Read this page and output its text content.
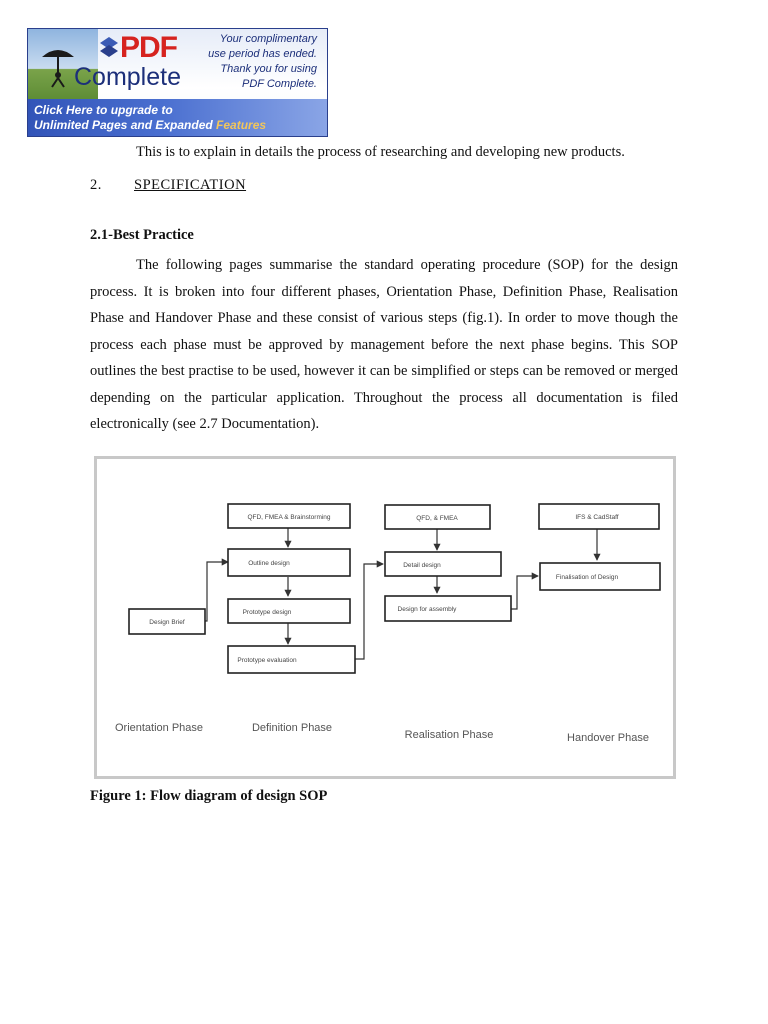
PDF
Complete
Your complimentary
use period has ended.
Thank you for using
PDF Complete.
Click Here to upgrade to
Unlimited Pages and Expanded Features
This is to explain in details the process of researching and developing new products.
2. SPECIFICATION
2.1-Best Practice
The following pages summarise the standard operating procedure (SOP) for the design process. It is broken into four different phases, Orientation Phase, Definition Phase, Realisation Phase and Handover Phase and these consist of various steps (fig.1). In order to move though the process each phase must be approved by management before the next phase begins. This SOP outlines the best practise to be used, however it can be simplified or steps can be removed or merged depending on the particular application. Throughout the process all documentation is filed electronically (see 2.7 Documentation).
Design Brief
QFD, FMEA & Brainstorming
Outline design
Prototype design
Prototype evaluation
QFD, & FMEA
Detail design
Design for assembly
IFS & CadStaff
Finalisation of Design
Orientation Phase	Definition Phase
Realisation Phase	Handover Phase
Figure 1: Flow diagram of design SOP
